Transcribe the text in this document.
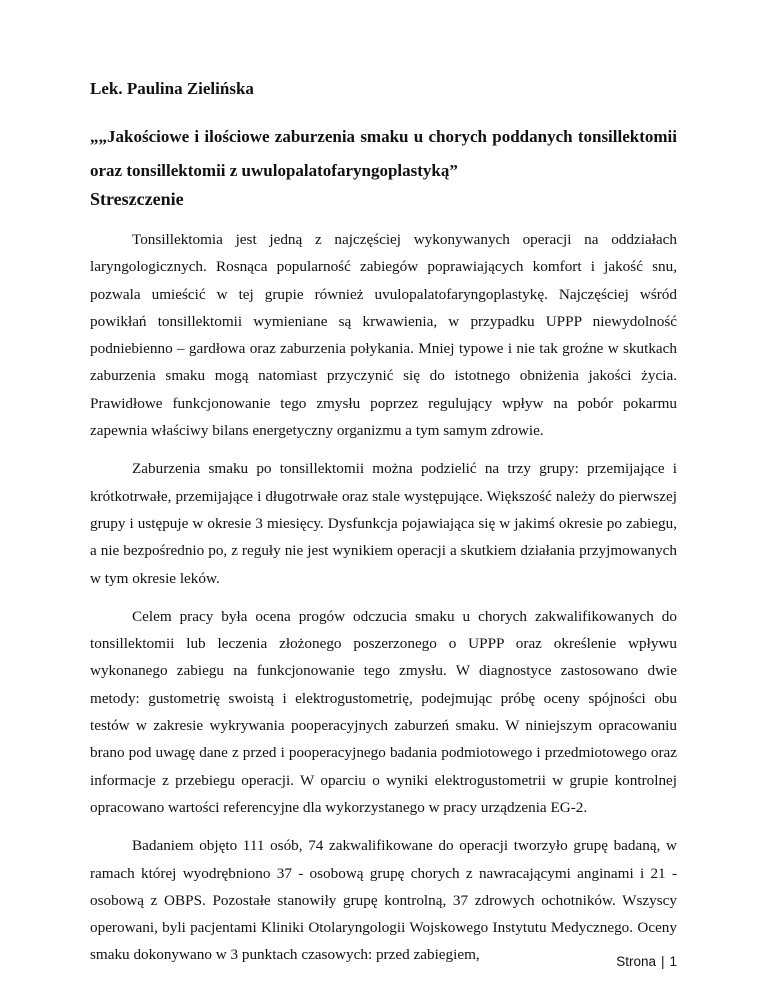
Lek. Paulina Zielińska

„„Jakościowe i ilościowe zaburzenia smaku u chorych poddanych tonsillektomii oraz tonsillektomii z uwulopalatofaryngoplastyką”

Streszczenie

Tonsillektomia jest jedną z najczęściej wykonywanych operacji na oddziałach laryngologicznych. Rosnąca popularność zabiegów poprawiających komfort i jakość snu, pozwala umieścić w tej grupie również uvulopalatofaryngoplastykę. Najczęściej wśród powikłań tonsillektomii wymieniane są krwawienia, w przypadku UPPP niewydolność podniebienno – gardłowa oraz zaburzenia połykania. Mniej typowe i nie tak groźne w skutkach zaburzenia smaku mogą natomiast przyczynić się do istotnego obniżenia jakości życia. Prawidłowe funkcjonowanie tego zmysłu poprzez regulujący wpływ na pobór pokarmu zapewnia właściwy bilans energetyczny organizmu a tym samym zdrowie.

Zaburzenia smaku po tonsillektomii można podzielić na trzy grupy: przemijające i krótkotrwałe, przemijające i długotrwałe oraz stale występujące. Większość należy do pierwszej grupy i ustępuje w okresie 3 miesięcy. Dysfunkcja pojawiająca się w jakimś okresie po zabiegu, a nie bezpośrednio po, z reguły nie jest wynikiem operacji a skutkiem działania przyjmowanych w tym okresie leków.

Celem pracy była ocena progów odczucia smaku u chorych zakwalifikowanych do tonsillektomii lub leczenia złożonego poszerzonego o UPPP oraz określenie wpływu wykonanego zabiegu na funkcjonowanie tego zmysłu. W diagnostyce zastosowano dwie metody: gustometrię swoistą i elektrogustometrię, podejmując próbę oceny spójności obu testów w zakresie wykrywania pooperacyjnych zaburzeń smaku. W niniejszym opracowaniu brano pod uwagę dane z przed i pooperacyjnego badania podmiotowego i przedmiotowego oraz informacje z przebiegu operacji. W oparciu o wyniki elektrogustometrii w grupie kontrolnej opracowano wartości referencyjne dla wykorzystanego w pracy urządzenia EG-2.

Badaniem objęto 111 osób, 74 zakwalifikowane do operacji tworzyło grupę badaną, w ramach której wyodrębniono 37 - osobową grupę chorych z nawracającymi anginami i 21 - osobową z OBPS. Pozostałe stanowiły grupę kontrolną, 37 zdrowych ochotników. Wszyscy operowani, byli pacjentami Kliniki Otolaryngologii Wojskowego Instytutu Medycznego. Oceny smaku dokonywano w 3 punktach czasowych: przed zabiegiem,	Strona | 1
